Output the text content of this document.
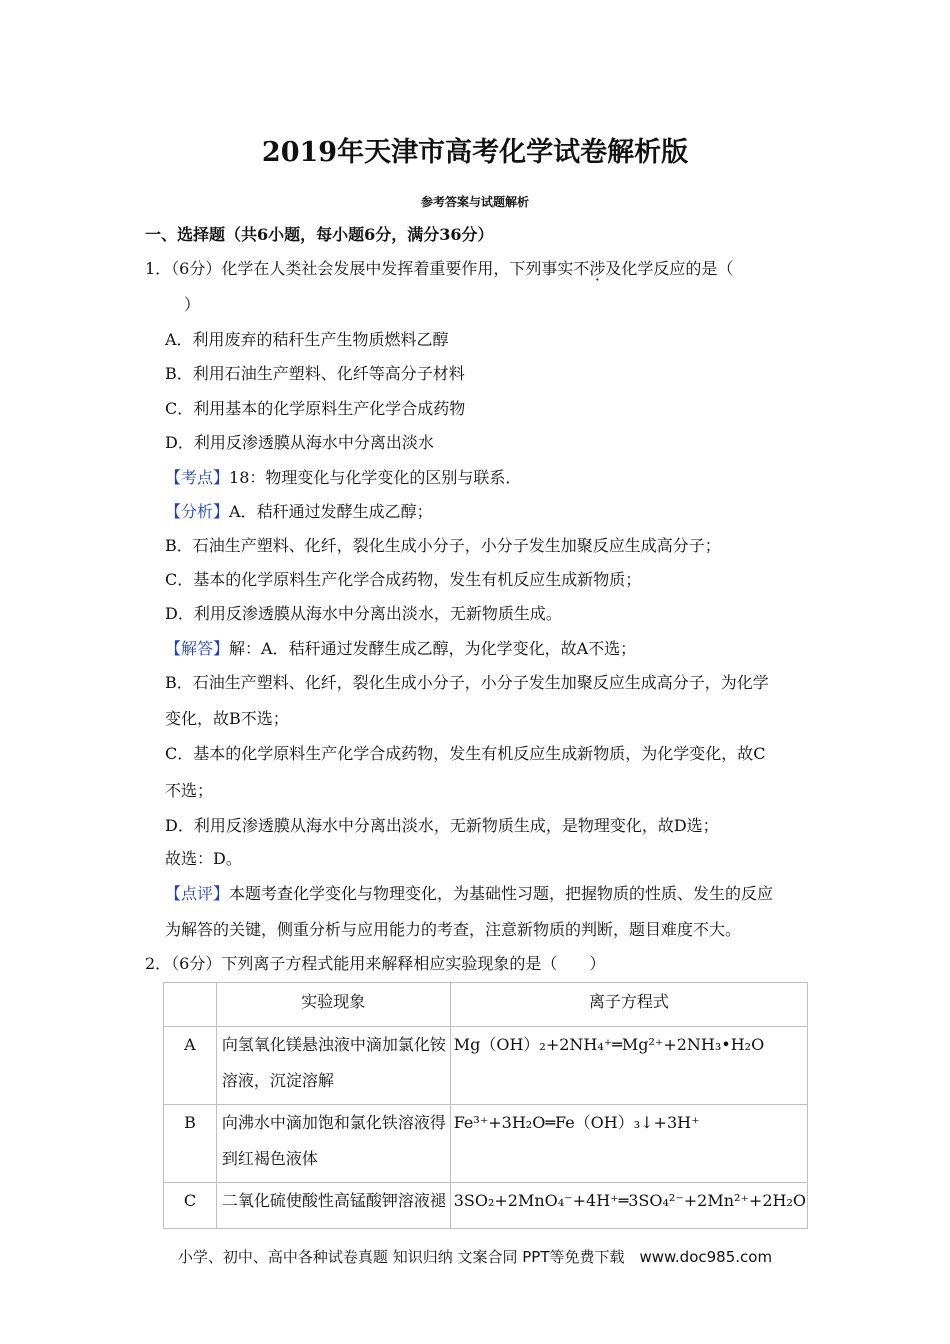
2019年天津市高考化学试卷解析版
参考答案与试题解析
一、选择题（共6小题，每小题6分，满分36分）
1．（6分）化学在人类社会发展中发挥着重要作用，下列事实不涉及化学反应的是（
）
A．利用废弃的秸秆生产生物质燃料乙醇
B．利用石油生产塑料、化纤等高分子材料
C．利用基本的化学原料生产化学合成药物
D．利用反渗透膜从海水中分离出淡水
【考点】18：物理变化与化学变化的区别与联系．
【分析】A．秸秆通过发酵生成乙醇；
B．石油生产塑料、化纤，裂化生成小分子，小分子发生加聚反应生成高分子；
C．基本的化学原料生产化学合成药物，发生有机反应生成新物质；
D．利用反渗透膜从海水中分离出淡水，无新物质生成。
【解答】解：A．秸秆通过发酵生成乙醇，为化学变化，故A不选；
B．石油生产塑料、化纤，裂化生成小分子，小分子发生加聚反应生成高分子，为化学
变化，故B不选；
C．基本的化学原料生产化学合成药物，发生有机反应生成新物质，为化学变化，故C
不选；
D．利用反渗透膜从海水中分离出淡水，无新物质生成，是物理变化，故D选；
故选：D。
【点评】本题考查化学变化与物理变化，为基础性习题，把握物质的性质、发生的反应
为解答的关键，侧重分析与应用能力的考查，注意新物质的判断，题目难度不大。
2．（6分）下列离子方程式能用来解释相应实验现象的是（　　）
	实验现象	离子方程式
A	向氢氧化镁悬浊液中滴加氯化铵
溶液，沉淀溶解	Mg（OH）₂+2NH₄⁺═Mg²⁺+2NH₃•H₂O

B	向沸水中滴加饱和氯化铁溶液得
到红褐色液体	Fe³⁺+3H₂O═Fe（OH）₃↓+3H⁺

C	二氧化硫使酸性高锰酸钾溶液褪	3SO₂+2MnO₄⁻+4H⁺═3SO₄²⁻+2Mn²⁺+2H₂O
小学、初中、高中各种试卷真题 知识归纳 文案合同 PPT等免费下载　www.doc985.com
